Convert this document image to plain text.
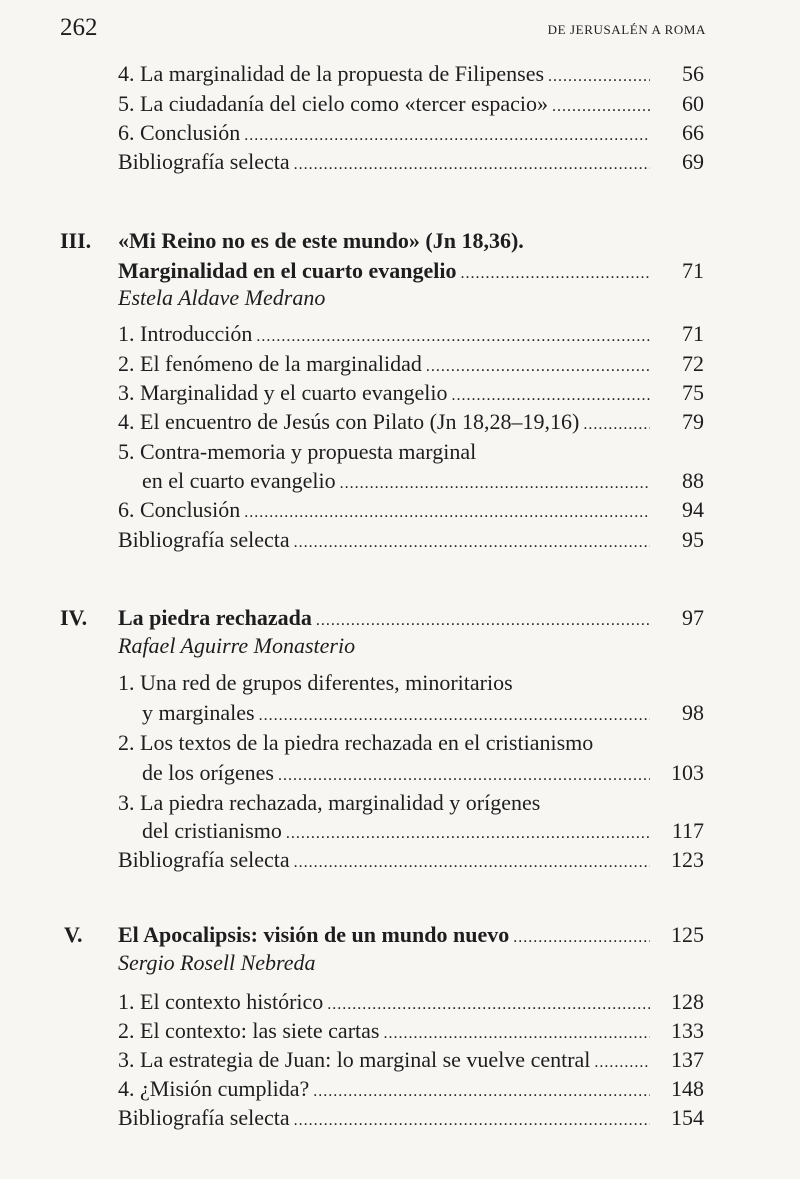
262	DE JERUSALÉN A ROMA
4. La marginalidad de la propuesta de Filipenses .....	56
5. La ciudadanía del cielo como «tercer espacio» .....	60
6. Conclusión .....	66
Bibliografía selecta .....	69
III. «Mi Reino no es de este mundo» (Jn 18,36).
Marginalidad en el cuarto evangelio .....	71
Estela Aldave Medrano
1. Introducción .....	71
2. El fenómeno de la marginalidad .....	72
3. Marginalidad y el cuarto evangelio .....	75
4. El encuentro de Jesús con Pilato (Jn 18,28–19,16) .....	79
5. Contra-memoria y propuesta marginal
en el cuarto evangelio .....	88
6. Conclusión .....	94
Bibliografía selecta .....	95
IV. La piedra rechazada .....	97
Rafael Aguirre Monasterio
1. Una red de grupos diferentes, minoritarios
y marginales .....	98
2. Los textos de la piedra rechazada en el cristianismo
de los orígenes .....	103
3. La piedra rechazada, marginalidad y orígenes
del cristianismo .....	117
Bibliografía selecta .....	123
V. El Apocalipsis: visión de un mundo nuevo .....	125
Sergio Rosell Nebreda
1. El contexto histórico .....	128
2. El contexto: las siete cartas .....	133
3. La estrategia de Juan: lo marginal se vuelve central .....	137
4. ¿Misión cumplida? .....	148
Bibliografía selecta .....	154
